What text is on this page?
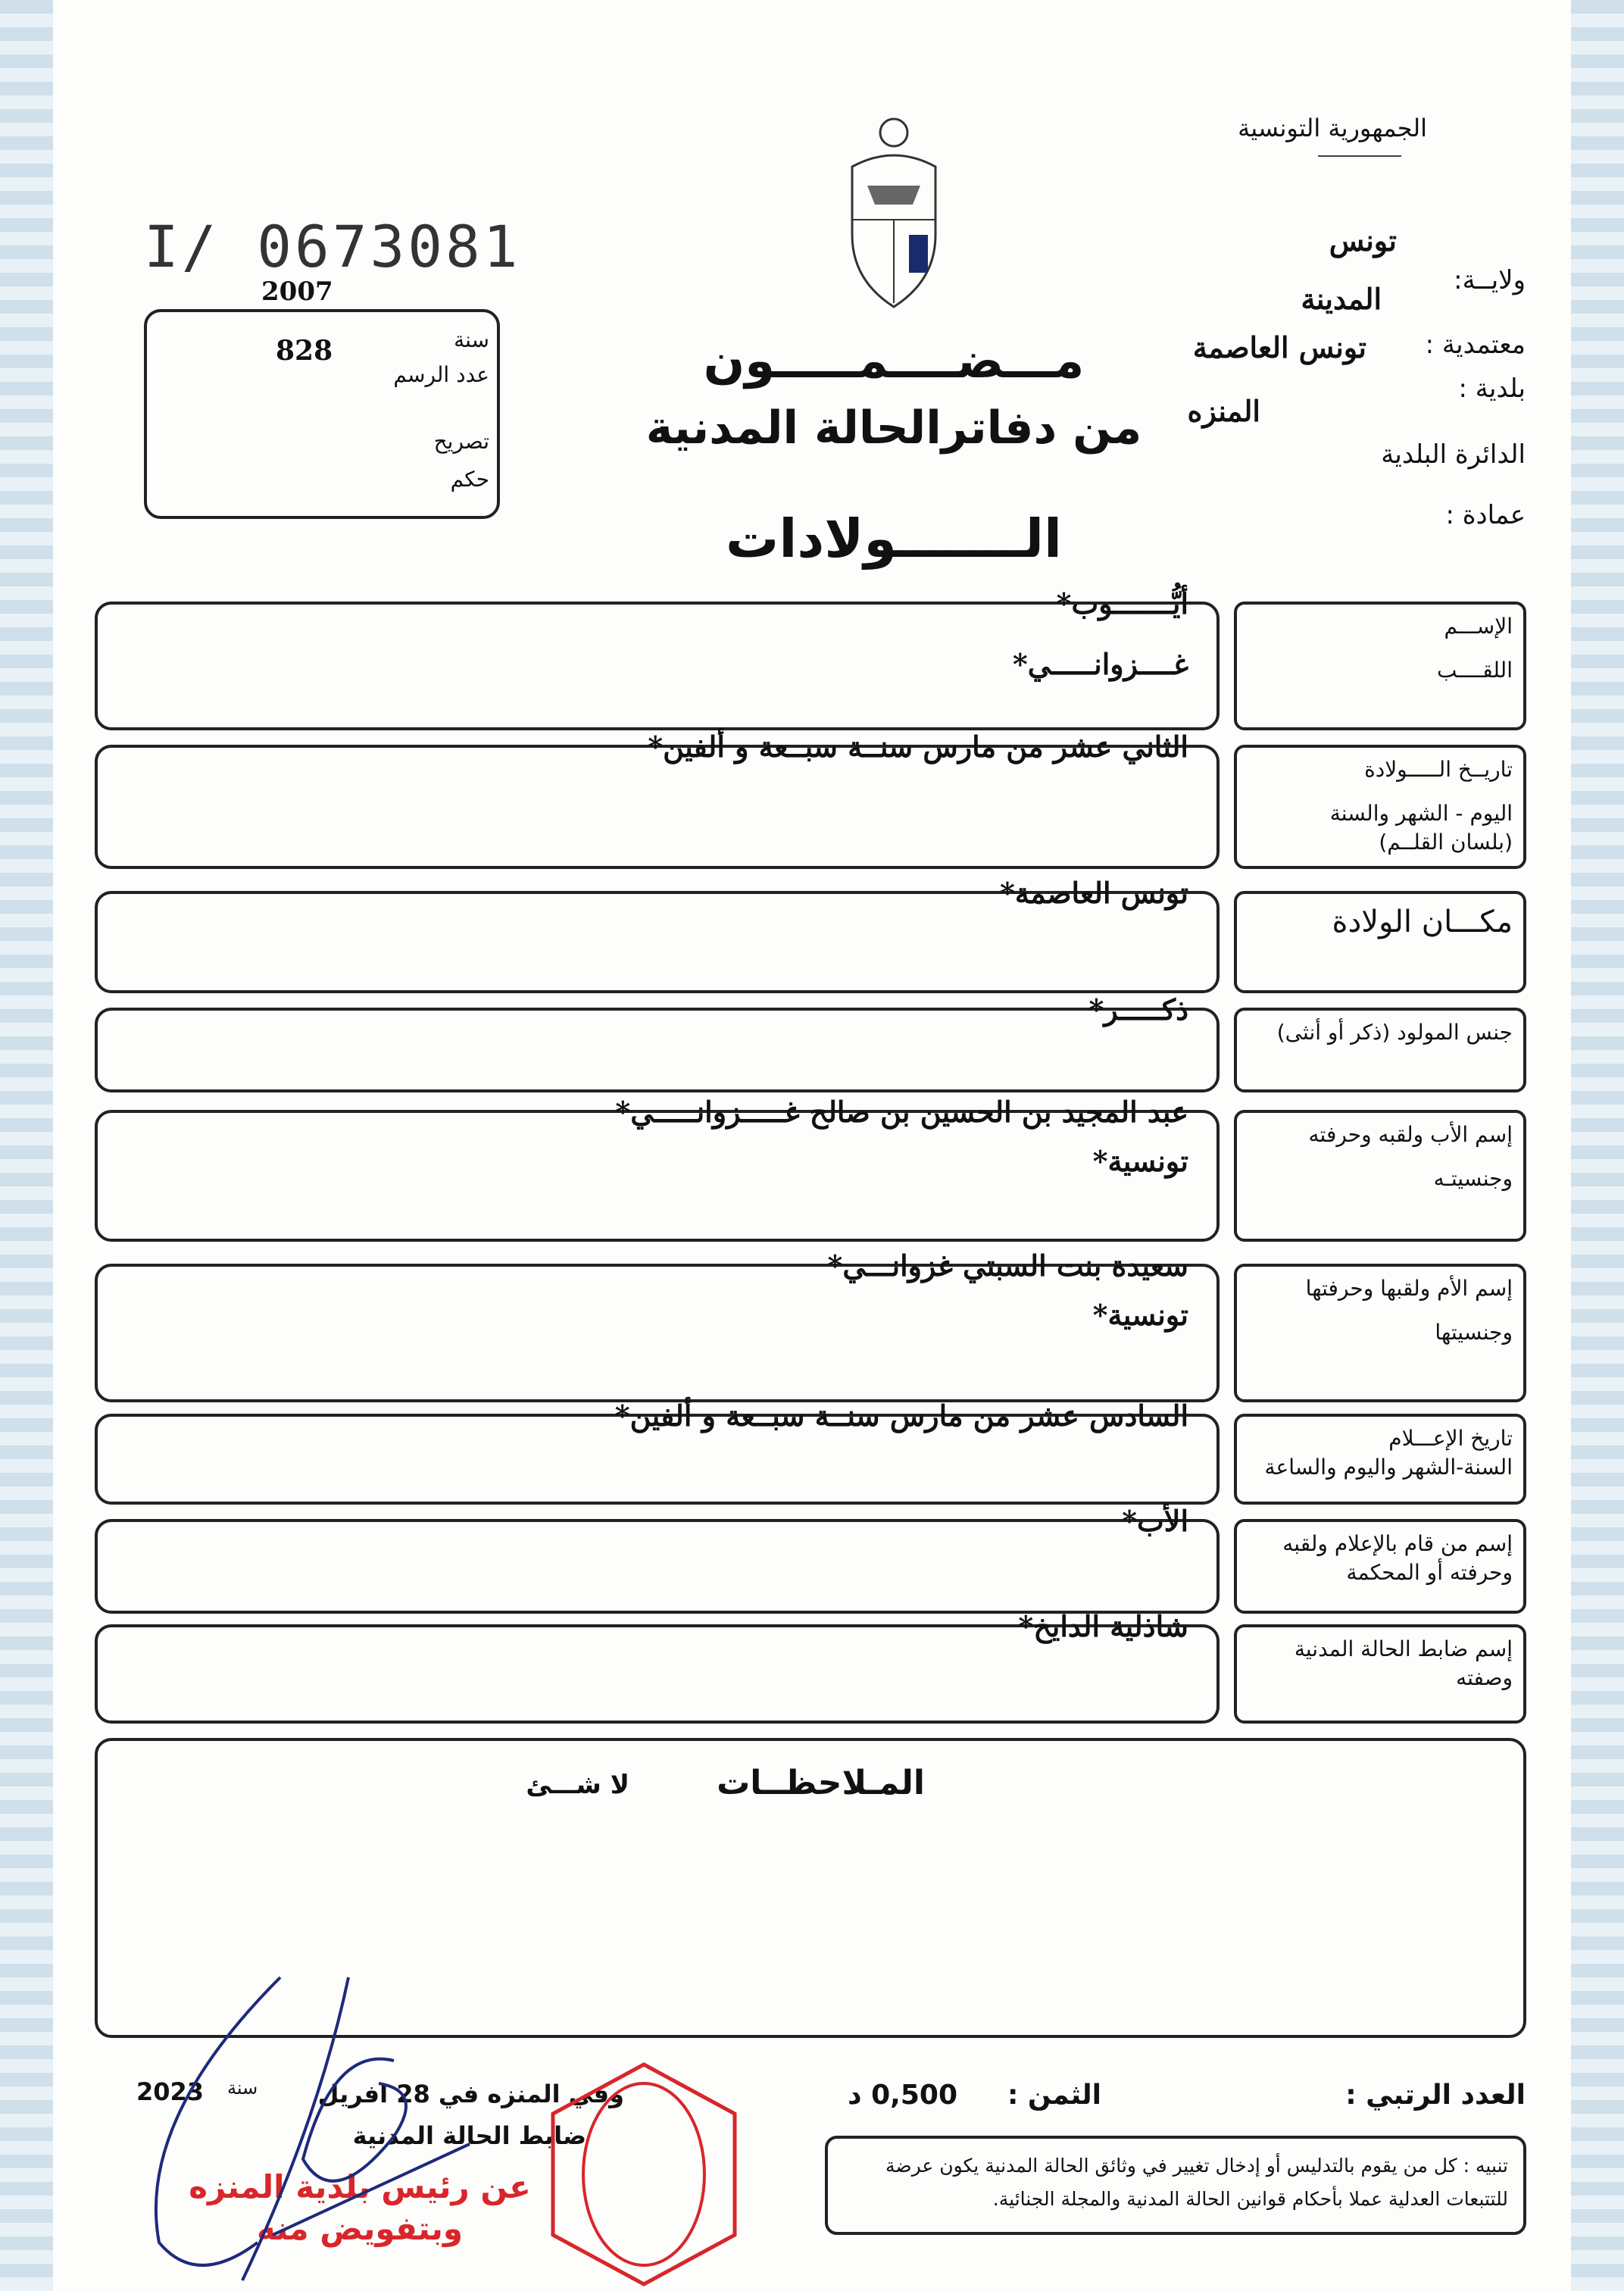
الجمهورية التونسية
I/ 0673081
2007
سنة
828
عدد الرسم
تصريح
حكم
مـــضــــمـــــون
من دفاترالحالة المدنية
الـــــــولادات
ولايــة:
تونس
المدينة
معتمدية :
تونس العاصمة
بلدية :
المنزه
الدائرة البلدية
عمادة :
الإســـم
اللقــــب
أيُّـــــــوب*
غــــزوانـــــي*
تاريــخ الـــــولادة
اليوم - الشهر والسنة
(بلسان القلــم)
الثاني عشر من مارس سنــة سبــعة و ألفين*
مكـــان الولادة
تونس العاصمة*
جنس المولود (ذكر أو أنثى)
ذكـــــر*
إسم الأب ولقبه وحرفته
وجنسيتـه
عبد المجيد بن الحسين بن صالح غـــــزوانـــــي*
تونسية*
إسم الأم ولقبها وحرفتها
وجنسيتها
سعيدة بنت السبتي غزوانـــي*
تونسية*
تاريخ الإعـــلام
السنة-الشهر واليوم والساعة
السادس عشر من مارس سنــة سبــعة و ألفين*
إسم من قام بالإعلام ولقبه
وحرفته أو المحكمة
الأب*
إسم ضابط الحالة المدنية
وصفته
شاذلية الدايخ*
المـلاحظــات
لا شـــئ
العدد الرتبي :
الثمن :
0,500 د
وفي المنزه في 28 افريل
سنة
2023
ضابط الحالة المدنية
عن رئيس بلدية المنزه وبتفويض منه
تنبيه : كل من يقوم بالتدليس أو إدخال تغيير في وثائق الحالة المدنية يكون عرضة للتتبعات العدلية عملا بأحكام قوانين الحالة المدنية والمجلة الجنائية.
